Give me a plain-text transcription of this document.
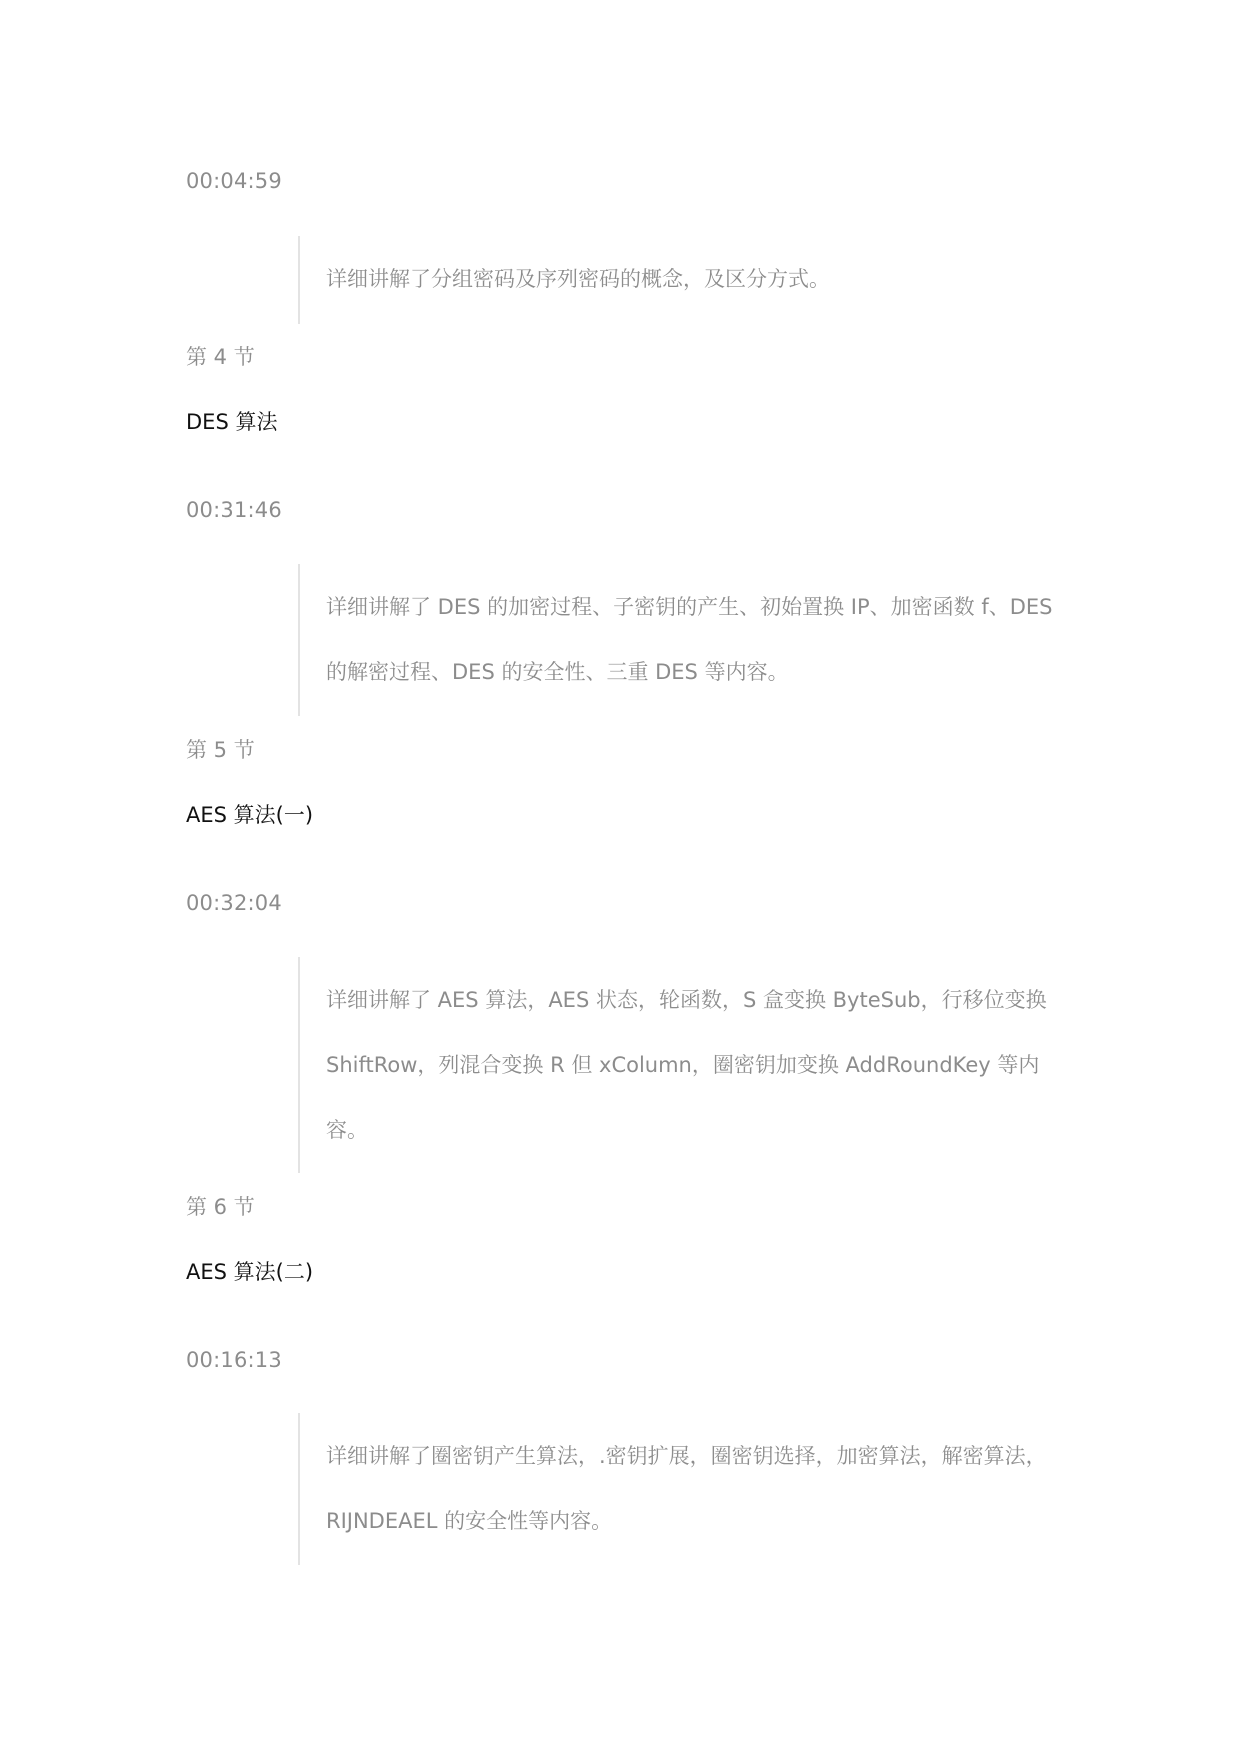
00:04:59
详细讲解了分组密码及序列密码的概念，及区分方式。
第 4 节
DES 算法
00:31:46
详细讲解了 DES 的加密过程、子密钥的产生、初始置换 IP、加密函数 f、DES 的解密过程、DES 的安全性、三重 DES 等内容。
第 5 节
AES 算法(一)
00:32:04
详细讲解了 AES 算法，AES 状态，轮函数，S 盒变换 ByteSub，行移位变换 ShiftRow，列混合变换 R 但 xColumn，圈密钥加变换 AddRoundKey 等内容。
第 6 节
AES 算法(二)
00:16:13
详细讲解了圈密钥产生算法，.密钥扩展，圈密钥选择，加密算法，解密算法，RIJNDEAEL 的安全性等内容。
